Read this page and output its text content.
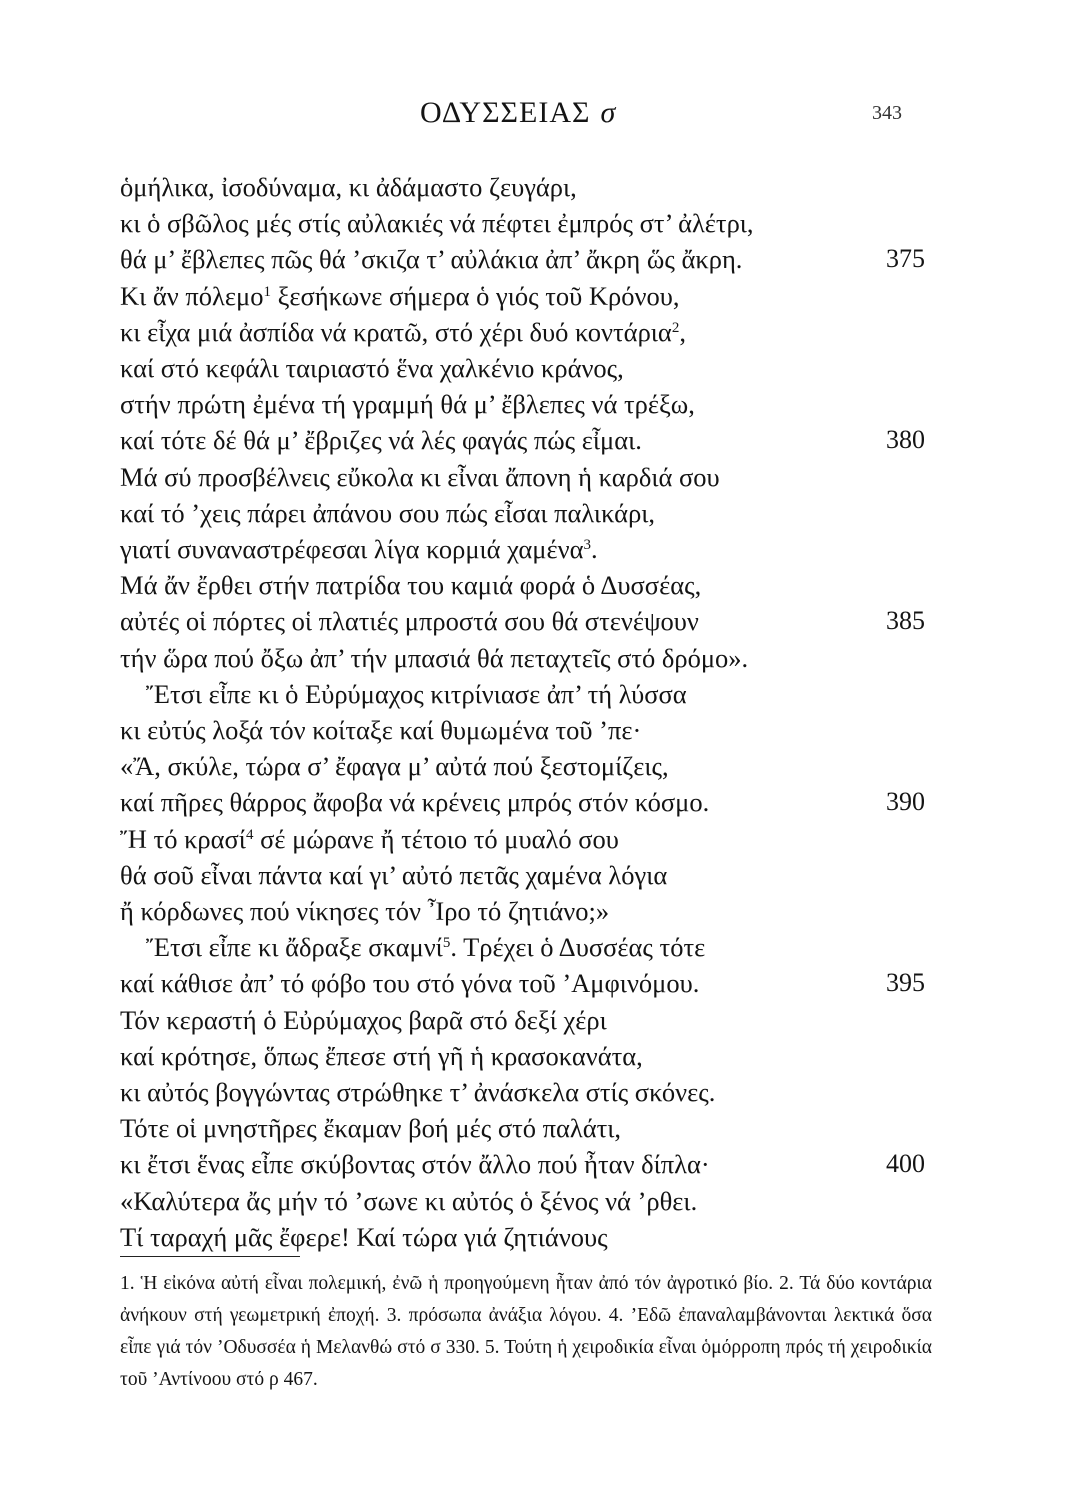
ΟΔΥΣΣΕΙΑΣ σ	343
ὁμήλικα, ἰσοδύναμα, κι ἀδάμαστο ζευγάρι,
κι ὁ σβῶλος μές στίς αὐλακιές νά πέφτει ἐμπρός στ’ ἀλέτρι,
θά μ’ ἔβλεπες πῶς θά ’σκιζα τ’ αὐλάκια ἀπ’ ἄκρη ὥς ἄκρη.	375
Κι ἄν πόλεμο$^1$ ξεσήκωνε σήμερα ὁ γιός τοῦ Κρόνου,
κι εἶχα μιά ἀσπίδα νά κρατῶ, στό χέρι δυό κοντάρια$^2$,
καί στό κεφάλι ταιριαστό ἕνα χαλκένιο κράνος,
στήν πρώτη ἐμένα τή γραμμή θά μ’ ἔβλεπες νά τρέξω,
καί τότε δέ θά μ’ ἔβριζες νά λές φαγάς πώς εἶμαι.	380
Μά σύ προσβέλνεις εὔκολα κι εἶναι ἄπονη ἡ καρδιά σου
καί τό ’χεις πάρει ἀπάνου σου πώς εἶσαι παλικάρι,
γιατί συναναστρέφεσαι λίγα κορμιά χαμένα$^3$.
Μά ἄν ἔρθει στήν πατρίδα του καμιά φορά ὁ Δυσσέας,
αὐτές οἱ πόρτες οἱ πλατιές μπροστά σου θά στενέψουν	385
τήν ὥρα πού ὄξω ἀπ’ τήν μπασιά θά πεταχτεῖς στό δρόμο».
Ἔτσι εἶπε κι ὁ Εὐρύμαχος κιτρίνιασε ἀπ’ τή λύσσα
κι εὐτύς λοξά τόν κοίταξε καί θυμωμένα τοῦ ’πε·
«Ἄ, σκύλε, τώρα σ’ ἔφαγα μ’ αὐτά πού ξεστομίζεις,
καί πῆρες θάρρος ἄφοβα νά κρένεις μπρός στόν κόσμο.	390
Ἤ τό κρασί$^4$ σέ μώρανε ἤ τέτοιο τό μυαλό σου
θά σοῦ εἶναι πάντα καί γι’ αὐτό πετᾶς χαμένα λόγια
ἤ κόρδωνες πού νίκησες τόν Ἶρο τό ζητιάνο;»
Ἔτσι εἶπε κι ἄδραξε σκαμνί$^5$. Τρέχει ὁ Δυσσέας τότε
καί κάθισε ἀπ’ τό φόβο του στό γόνα τοῦ ’Αμφινόμου.	395
Τόν κεραστή ὁ Εὐρύμαχος βαρᾶ στό δεξί χέρι
καί κρότησε, ὅπως ἔπεσε στή γῆ ἡ κρασοκανάτα,
κι αὐτός βογγώντας στρώθηκε τ’ ἀνάσκελα στίς σκόνες.
Τότε οἱ μνηστῆρες ἔκαμαν βοή μές στό παλάτι,
κι ἔτσι ἕνας εἶπε σκύβοντας στόν ἄλλο πού ἦταν δίπλα·	400
«Καλύτερα ἄς μήν τό ’σωνε κι αὐτός ὁ ξένος νά ’ρθει.
Τί ταραχή μᾶς ἔφερε! Καί τώρα γιά ζητιάνους
1. Ἡ εἰκόνα αὐτή εἶναι πολεμική, ἐνῶ ἡ προηγούμενη ἦταν ἀπό τόν ἀγροτικό βίο. 2. Τά δύο κοντάρια ἀνήκουν στή γεωμετρική ἐποχή. 3. πρόσωπα ἀνάξια λόγου. 4. ’Εδῶ ἐπαναλαμβάνονται λεκτικά ὅσα εἶπε γιά τόν ’Οδυσσέα ἡ Μελανθώ στό σ 330. 5. Τούτη ἡ χειροδικία εἶναι ὁμόρροπη πρός τή χειροδικία τοῦ ’Αντίνοου στό ρ 467.
